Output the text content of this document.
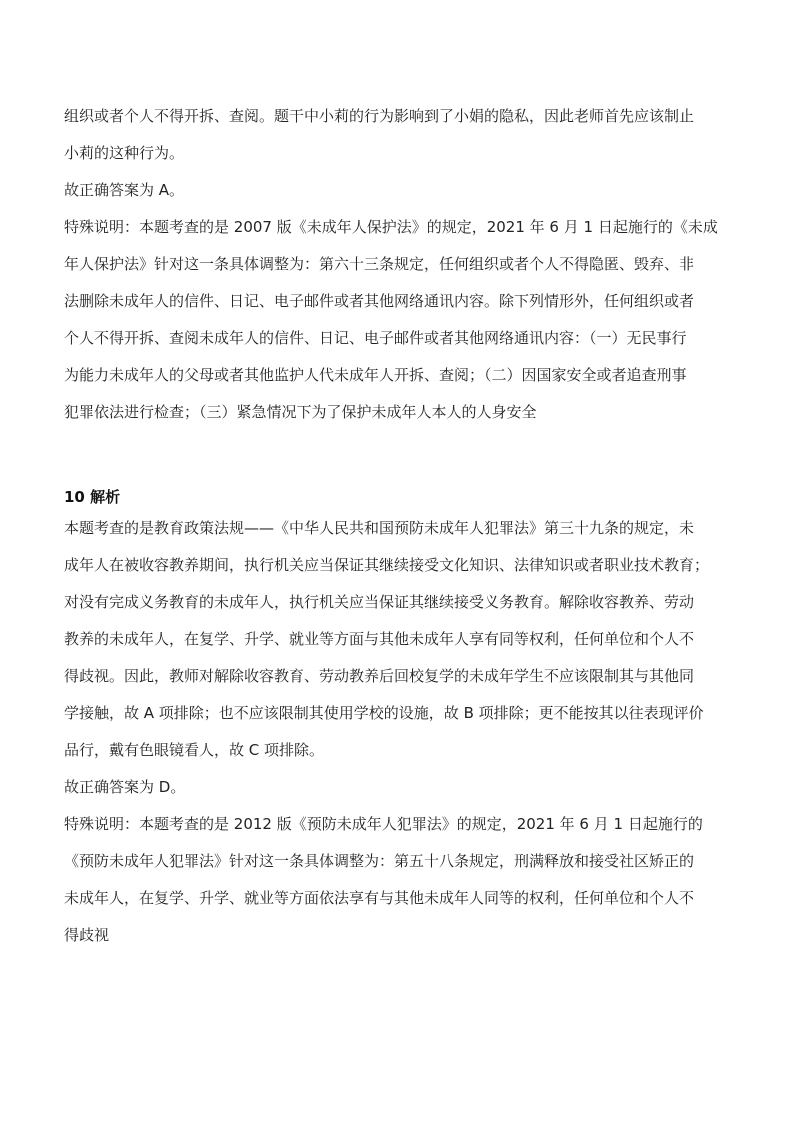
组织或者个人不得开拆、查阅。题干中小莉的行为影响到了小娟的隐私，因此老师首先应该制止
小莉的这种行为。

故正确答案为 A。

特殊说明：本题考查的是 2007 版《未成年人保护法》的规定，2021 年 6 月 1 日起施行的《未成
年人保护法》针对这一条具体调整为：第六十三条规定，任何组织或者个人不得隐匿、毁弃、非
法删除未成年人的信件、日记、电子邮件或者其他网络通讯内容。除下列情形外，任何组织或者
个人不得开拆、查阅未成年人的信件、日记、电子邮件或者其他网络通讯内容：（一）无民事行
为能力未成年人的父母或者其他监护人代未成年人开拆、查阅；（二）因国家安全或者追查刑事
犯罪依法进行检查；（三）紧急情况下为了保护未成年人本人的人身安全

10 解析

本题考查的是教育政策法规——《中华人民共和国预防未成年人犯罪法》第三十九条的规定，未
成年人在被收容教养期间，执行机关应当保证其继续接受文化知识、法律知识或者职业技术教育；
对没有完成义务教育的未成年人，执行机关应当保证其继续接受义务教育。解除收容教养、劳动
教养的未成年人，在复学、升学、就业等方面与其他未成年人享有同等权利，任何单位和个人不
得歧视。因此，教师对解除收容教育、劳动教养后回校复学的未成年学生不应该限制其与其他同
学接触，故 A 项排除；也不应该限制其使用学校的设施，故 B 项排除；更不能按其以往表现评价
品行，戴有色眼镜看人，故 C 项排除。

故正确答案为 D。

特殊说明：本题考查的是 2012 版《预防未成年人犯罪法》的规定，2021 年 6 月 1 日起施行的
《预防未成年人犯罪法》针对这一条具体调整为：第五十八条规定，刑满释放和接受社区矫正的
未成年人，在复学、升学、就业等方面依法享有与其他未成年人同等的权利，任何单位和个人不
得歧视
